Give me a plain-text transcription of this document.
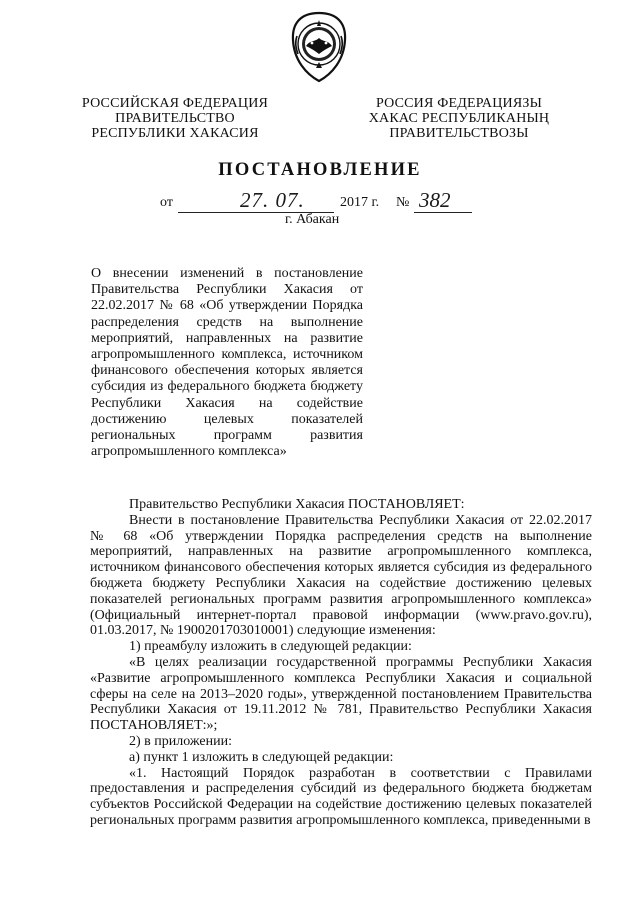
РОССИЙСКАЯ ФЕДЕРАЦИЯ
ПРАВИТЕЛЬСТВО
РЕСПУБЛИКИ ХАКАСИЯ
РОССИЯ ФЕДЕРАЦИЯЗЫ
ХАКАС РЕСПУБЛИКАНЫҢ
ПРАВИТЕЛЬСТВОЗЫ
ПОСТАНОВЛЕНИЕ
от	27. 07.	2017 г. № 382
г. Абакан
О внесении изменений в постановление Правительства Республики Хакасия от 22.02.2017 № 68 «Об утверждении Порядка распределения средств на выполнение мероприятий, направленных на развитие агропромышленного комплекса, источником финансового обеспечения которых является субсидия из федерального бюджета бюджету Республики Хакасия на содействие достижению целевых показателей региональных программ развития агропромышленного комплекса»

Правительство Республики Хакасия ПОСТАНОВЛЯЕТ:

Внести в постановление Правительства Республики Хакасия от 22.02.2017 № 68 «Об утверждении Порядка распределения средств на выполнение мероприятий, направленных на развитие агропромышленного комплекса, источником финансового обеспечения которых является субсидия из федерального бюджета бюджету Республики Хакасия на содействие достижению целевых показателей региональных программ развития агропромышленного комплекса» (Официальный интернет-портал правовой информации (www.pravo.gov.ru), 01.03.2017, № 1900201703010001) следующие изменения:

1) преамбулу изложить в следующей редакции:

«В целях реализации государственной программы Республики Хакасия «Развитие агропромышленного комплекса Республики Хакасия и социальной сферы на селе на 2013–2020 годы», утвержденной постановлением Правительства Республики Хакасия от 19.11.2012 № 781, Правительство Республики Хакасия ПОСТАНОВЛЯЕТ:»;

2) в приложении:

а) пункт 1 изложить в следующей редакции:

«1. Настоящий Порядок разработан в соответствии с Правилами предоставления и распределения субсидий из федерального бюджета бюджетам субъектов Российской Федерации на содействие достижению целевых показателей региональных программ развития агропромышленного комплекса, приведенными в
